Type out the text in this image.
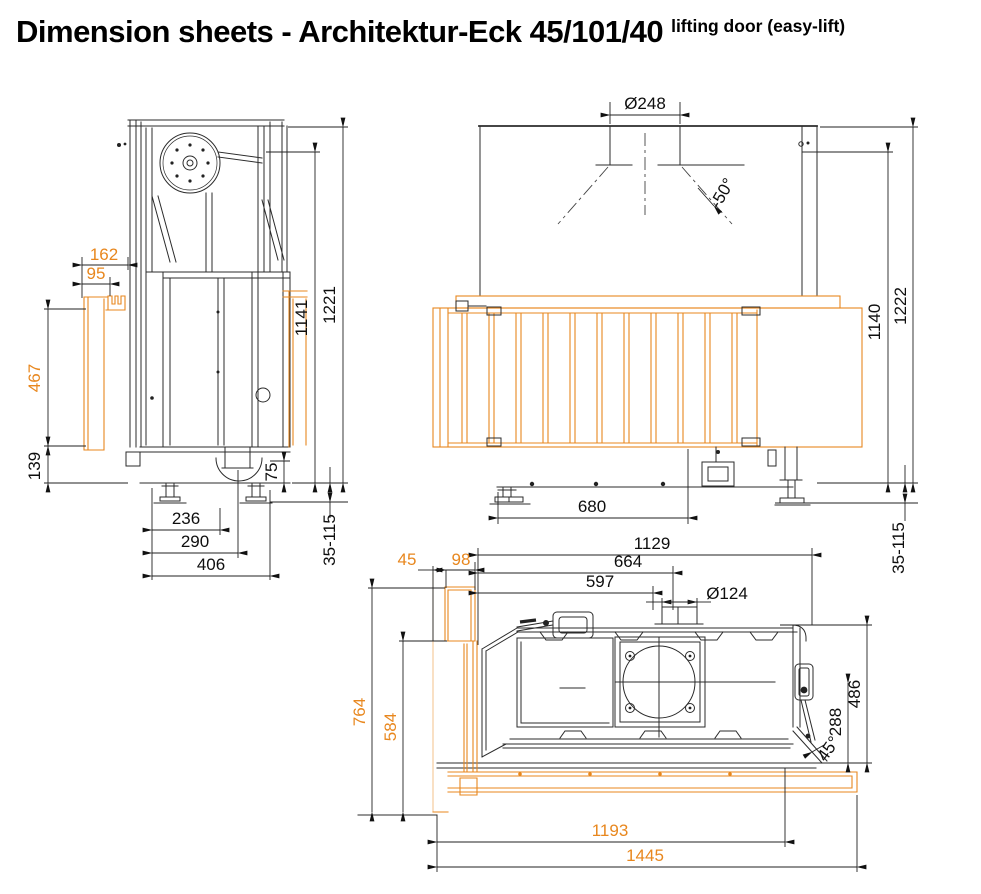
Dimension sheets - Architektur-Eck 45/101/40 lifting door (easy-lift)
162
95
467
139
1141 1221
75
236
290
406	35-115
Ø248
-50°
1140 1222
680
35-115
45 98
1129
664
597
Ø124
764
584
486
288
45°
1193
1445
